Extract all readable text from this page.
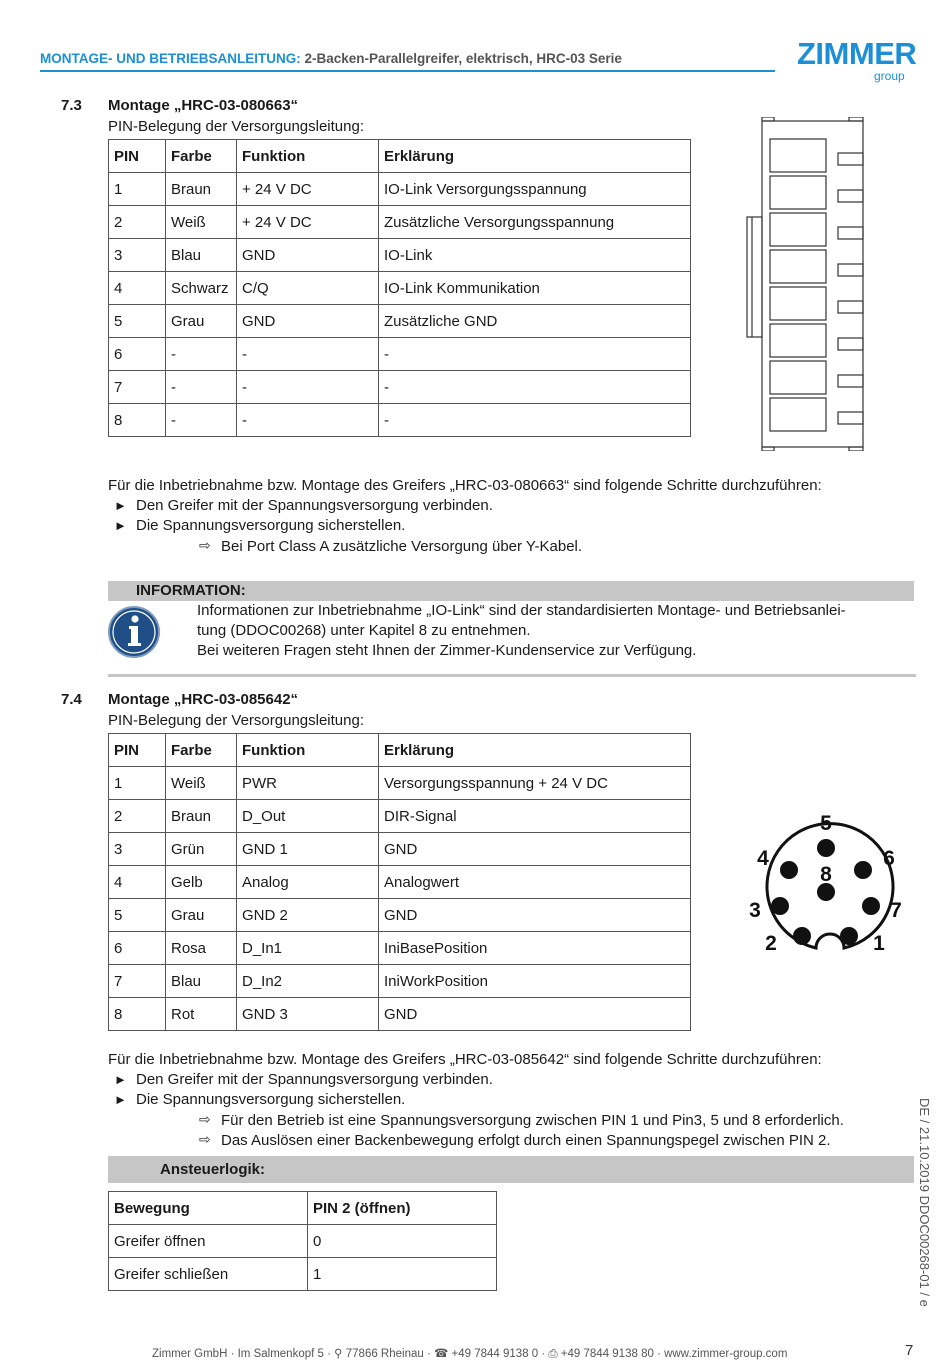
MONTAGE- UND BETRIEBSANLEITUNG: 2-Backen-Parallelgreifer, elektrisch, HRC-03 Serie	ZIMMER
group
7.3 Montage „HRC-03-080663“
PIN-Belegung der Versorgungsleitung:
PIN	Farbe	Funktion	Erklärung
1	Braun	+ 24 V DC	IO-Link Versorgungsspannung
2	Weiß	+ 24 V DC	Zusätzliche Versorgungsspannung
3	Blau	GND	IO-Link
4	Schwarz	C/Q	IO-Link Kommunikation
5	Grau	GND	Zusätzliche GND
6	-	-	-
7	-	-	-
8	-	-	-
Für die Inbetriebnahme bzw. Montage des Greifers „HRC-03-080663“ sind folgende Schritte durchzuführen:
► Den Greifer mit der Spannungsversorgung verbinden.
► Die Spannungsversorgung sicherstellen.
⇨ Bei Port Class A zusätzliche Versorgung über Y-Kabel.
INFORMATION:
Informationen zur Inbetriebnahme „IO-Link“ sind der standardisierten Montage- und Betriebsanlei-
tung (DDOC00268) unter Kapitel 8 zu entnehmen.
Bei weiteren Fragen steht Ihnen der Zimmer-Kundenservice zur Verfügung.
7.4 Montage „HRC-03-085642“
PIN-Belegung der Versorgungsleitung:
PIN	Farbe	Funktion	Erklärung
1	Weiß	PWR	Versorgungsspannung + 24 V DC
2	Braun	D_Out	DIR-Signal
3	Grün	GND 1	GND
4	Gelb	Analog	Analogwert
5	Grau	GND 2	GND
6	Rosa	D_In1	IniBasePosition
7	Blau	D_In2	IniWorkPosition
8	Rot	GND 3	GND
5
4	6
8
3	7
2	1
Für die Inbetriebnahme bzw. Montage des Greifers „HRC-03-085642“ sind folgende Schritte durchzuführen:
► Den Greifer mit der Spannungsversorgung verbinden.
► Die Spannungsversorgung sicherstellen.
⇨ Für den Betrieb ist eine Spannungsversorgung zwischen PIN 1 und Pin3, 5 und 8 erforderlich.
⇨ Das Auslösen einer Backenbewegung erfolgt durch einen Spannungspegel zwischen PIN 2.
Ansteuerlogik:
Bewegung	PIN 2 (öffnen)
Greifer öffnen	0
Greifer schließen	1	DE / 21.10.2019 DDOC00268-01 / e
Zimmer GmbH · Im Salmenkopf 5 · ⚲ 77866 Rheinau · ☎ +49 7844 9138 0 · ⎙ +49 7844 9138 80 · www.zimmer-group.com	7
